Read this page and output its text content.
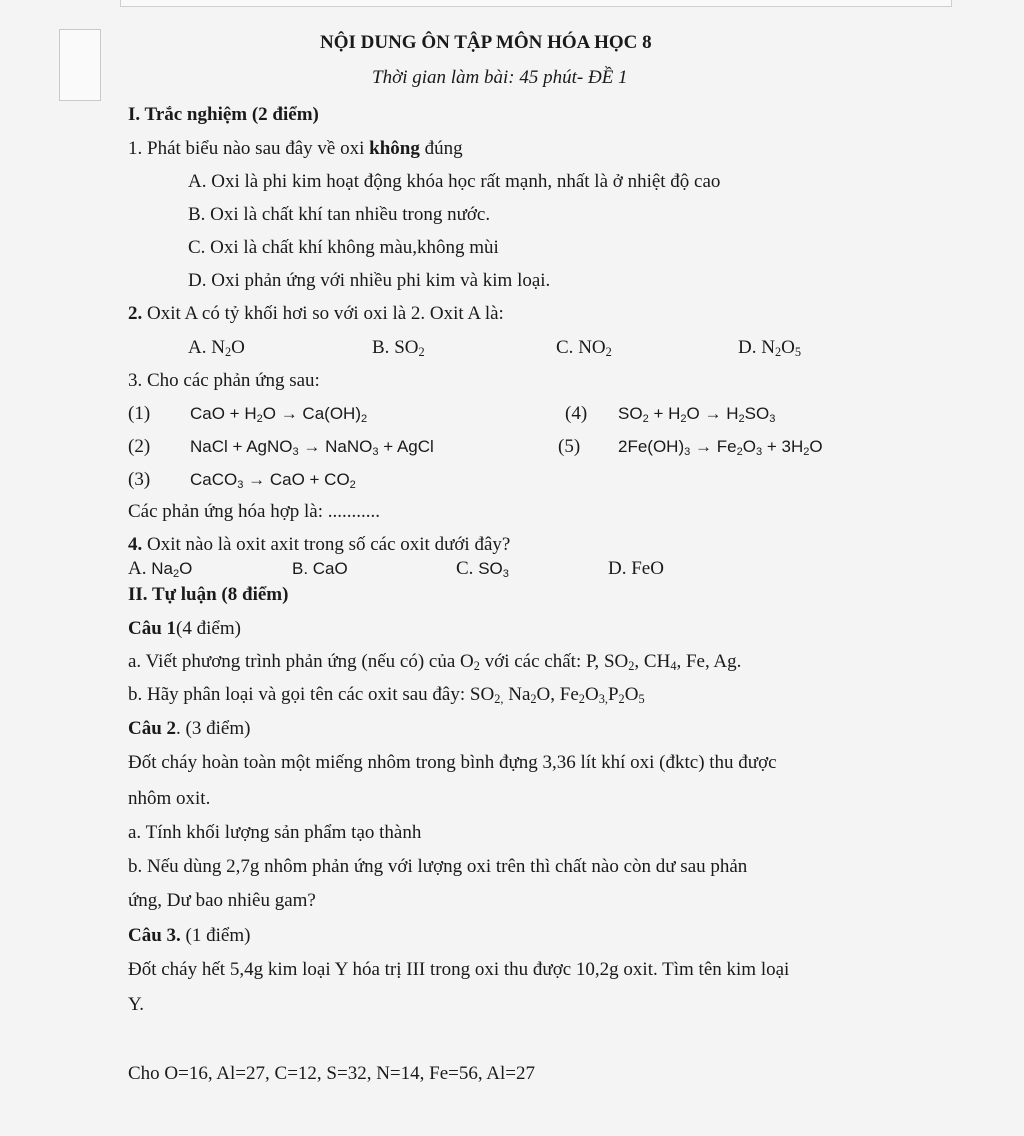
NỘI DUNG ÔN TẬP MÔN HÓA HỌC 8
Thời gian làm bài: 45 phút- ĐỀ 1
I. Trắc nghiệm (2 điểm)
1. Phát biểu nào sau đây về oxi không đúng
A. Oxi là phi kim hoạt động khóa học rất mạnh, nhất là ở nhiệt độ cao
B. Oxi là chất khí tan nhiều trong nước.
C. Oxi là chất khí không màu,không mùi
D. Oxi phản ứng với nhiều phi kim và kim loại.
2. Oxit A có tỷ khối hơi so với oxi là 2. Oxit A là:
A. $N_2O$	B. $SO_2$	C. $NO_2$	D. $N_2O_5$
3. Cho các phản ứng sau:
(1) CaO + $H_2O \to Ca(OH)_2$	(4) $SO_2 + H_2O \to H_2SO_3$
(2) NaCl + AgNO$_3$ → NaNO$_3$ + AgCl	(5) $2Fe(OH)_3 \to Fe_2O_3 + 3H_2O$
(3) CaCO$_3$ → CaO + $CO_2$
Các phản ứng hóa hợp là: ...........
4. Oxit nào là oxit axit trong số các oxit dưới đây?
A. $Na_2O$	B. CaO	C. $SO_3$	D. FeO
II. Tự luận (8 điểm)
Câu 1(4 điểm)
a. Viết phương trình phản ứng (nếu có) của $O_2$ với các chất: P, $SO_2$, $CH_4$, Fe, Ag.
b. Hãy phân loại và gọi tên các oxit sau đây: $SO_{2,}$ $Na_2O$, $Fe_2O_{3,}P_2O_5$
Câu 2. (3 điểm)
Đốt cháy hoàn toàn một miếng nhôm trong bình đựng 3,36 lít khí oxi (đktc) thu được
nhôm oxit.
a. Tính khối lượng sản phẩm tạo thành
b. Nếu dùng 2,7g nhôm phản ứng với lượng oxi trên thì chất nào còn dư sau phản
ứng, Dư bao nhiêu gam?
Câu 3. (1 điểm)
Đốt cháy hết 5,4g kim loại Y hóa trị III trong oxi thu được 10,2g oxit. Tìm tên kim loại
Y.
Cho O=16, Al=27, C=12, S=32, N=14, Fe=56, Al=27
